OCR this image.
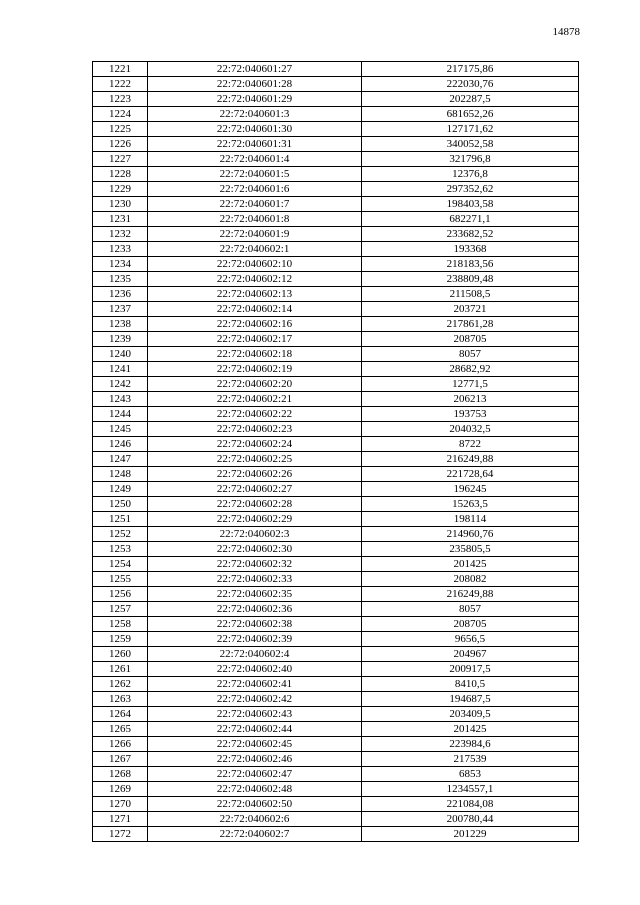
14878
1221	22:72:040601:27	217175,86
1222	22:72:040601:28	222030,76
1223	22:72:040601:29	202287,5
1224	22:72:040601:3	681652,26
1225	22:72:040601:30	127171,62
1226	22:72:040601:31	340052,58
1227	22:72:040601:4	321796,8
1228	22:72:040601:5	12376,8
1229	22:72:040601:6	297352,62
1230	22:72:040601:7	198403,58
1231	22:72:040601:8	682271,1
1232	22:72:040601:9	233682,52
1233	22:72:040602:1	193368
1234	22:72:040602:10	218183,56
1235	22:72:040602:12	238809,48
1236	22:72:040602:13	211508,5
1237	22:72:040602:14	203721
1238	22:72:040602:16	217861,28
1239	22:72:040602:17	208705
1240	22:72:040602:18	8057
1241	22:72:040602:19	28682,92
1242	22:72:040602:20	12771,5
1243	22:72:040602:21	206213
1244	22:72:040602:22	193753
1245	22:72:040602:23	204032,5
1246	22:72:040602:24	8722
1247	22:72:040602:25	216249,88
1248	22:72:040602:26	221728,64
1249	22:72:040602:27	196245
1250	22:72:040602:28	15263,5
1251	22:72:040602:29	198114
1252	22:72:040602:3	214960,76
1253	22:72:040602:30	235805,5
1254	22:72:040602:32	201425
1255	22:72:040602:33	208082
1256	22:72:040602:35	216249,88
1257	22:72:040602:36	8057
1258	22:72:040602:38	208705
1259	22:72:040602:39	9656,5
1260	22:72:040602:4	204967
1261	22:72:040602:40	200917,5
1262	22:72:040602:41	8410,5
1263	22:72:040602:42	194687,5
1264	22:72:040602:43	203409,5
1265	22:72:040602:44	201425
1266	22:72:040602:45	223984,6
1267	22:72:040602:46	217539
1268	22:72:040602:47	6853
1269	22:72:040602:48	1234557,1
1270	22:72:040602:50	221084,08
1271	22:72:040602:6	200780,44
1272	22:72:040602:7	201229
